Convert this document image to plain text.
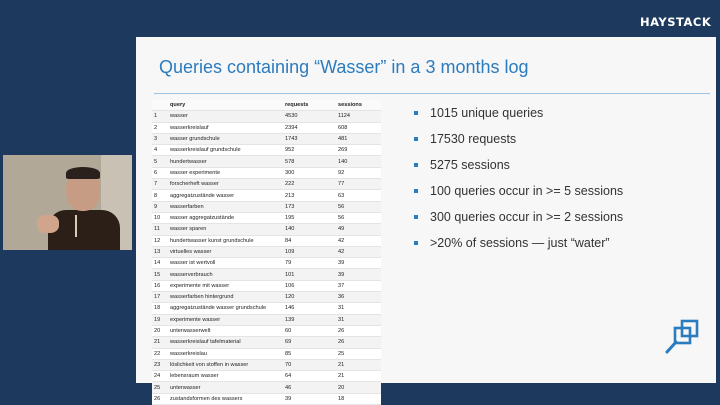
HAYSTACK
Queries containing “Wasser” in a 3 months log
	query	requests	sessions
1	wasser	4530	1124
2	wasserkreislauf	2394	608
3	wasser grundschule	1743	481
4	wasserkreislauf grundschule	952	269
5	hundertwasser	578	140
6	wasser experimente	300	92
7	forscherheft wasser	222	77
8	aggregatzustände wasser	213	63
9	wasserfarben	173	56
10	wasser aggregatzustände	195	56
11	wasser sparen	140	49
12	hundertwasser kunst grundschule	84	42
13	virtuelles wasser	109	42
14	wasser ist wertvoll	79	39
15	wasserverbrauch	101	39
16	experimente mit wasser	106	37
17	wasserfarben hintergrund	120	36
18	aggregatzustände wasser grundschule	146	31
19	experimente wasser	139	31
20	unterwasserwelt	60	26
21	wasserkreislauf tafelmaterial	69	26
22	wasserkreislau	85	25
23	löslichkeit von stoffen in wasser	70	21
24	lebensraum wasser	64	21
25	unterwasser	46	20
26	zustandsformen des wassers	39	18
1015 unique queries
17530 requests
5275 sessions
100 queries occur in >= 5 sessions
300 queries occur in >= 2 sessions
>20% of sessions — just “water”
